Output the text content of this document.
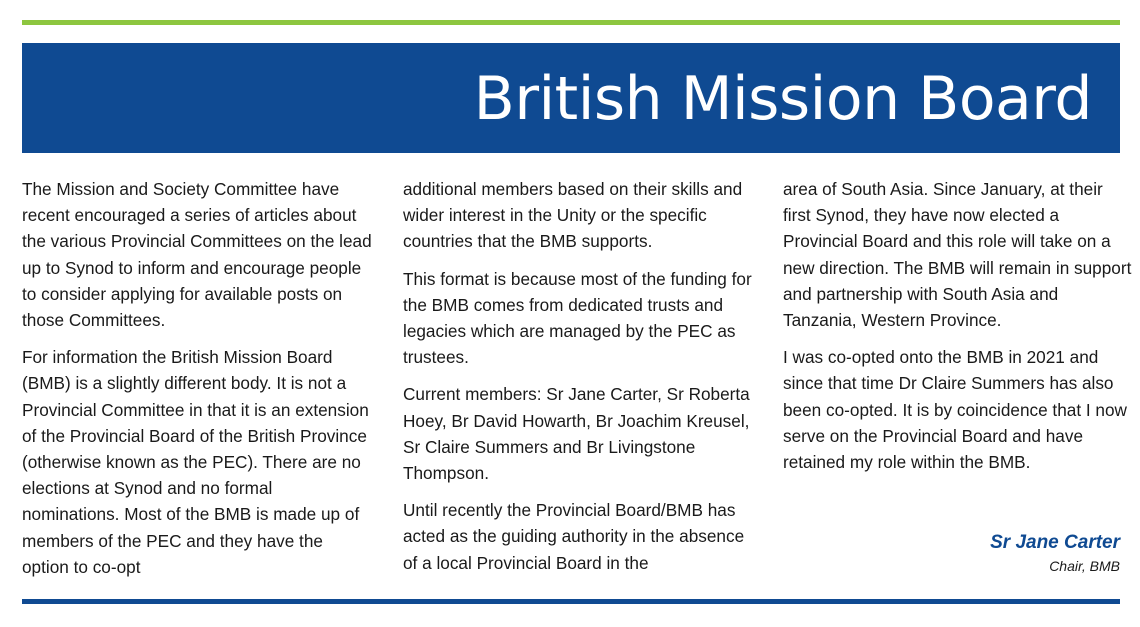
British Mission Board

The Mission and Society Committee have recent encouraged a series of articles about the various Provincial Committees on the lead up to Synod to inform and encourage people to consider applying for available posts on those Committees.

For information the British Mission Board (BMB) is a slightly different body. It is not a Provincial Committee in that it is an extension of the Provincial Board of the British Province (otherwise known as the PEC). There are no elections at Synod and no formal nominations. Most of the BMB is made up of members of the PEC and they have the option to co-opt

additional members based on their skills and wider interest in the Unity or the specific countries that the BMB supports.

This format is because most of the funding for the BMB comes from dedicated trusts and legacies which are managed by the PEC as trustees.

Current members: Sr Jane Carter, Sr Roberta Hoey, Br David Howarth, Br Joachim Kreusel, Sr Claire Summers and Br Livingstone Thompson.

Until recently the Provincial Board/BMB has acted as the guiding authority in the absence of a local Provincial Board in the

area of South Asia. Since January, at their first Synod, they have now elected a Provincial Board and this role will take on a new direction. The BMB will remain in support and partnership with South Asia and Tanzania, Western Province.

I was co-opted onto the BMB in 2021 and since that time Dr Claire Summers has also been co-opted. It is by coincidence that I now serve on the Provincial Board and have retained my role within the BMB.

Sr Jane Carter
Chair, BMB
